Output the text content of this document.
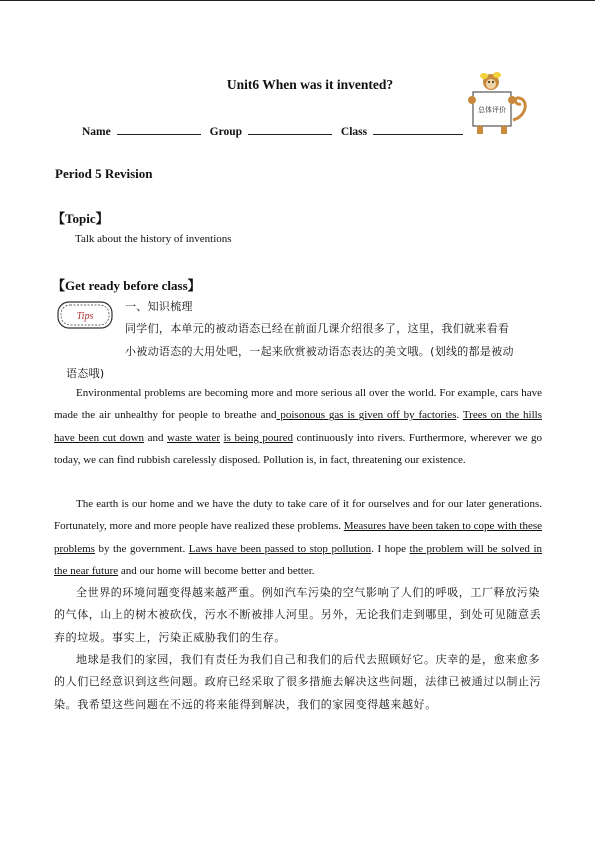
Unit6 When was it invented?
总体评价
Name	Group	Class
Period 5 Revision
【Topic】
Talk about the history of inventions
【Get ready before class】
Tips
一、知识梳理
同学们，本单元的被动语态已经在前面几课介绍很多了，这里，我们就来看看
小被动语态的大用处吧，一起来欣赏被动语态表达的美文哦。(划线的都是被动
语态哦)
Environmental problems are becoming more and more serious all over the world. For example, cars have made the air unhealthy for people to breathe and poisonous gas is given off by factories. Trees on the hills have been cut down and waste water is being poured continuously into rivers. Furthermore, wherever we go today, we can find rubbish carelessly disposed. Pollution is, in fact, threatening our existence.
The earth is our home and we have the duty to take care of it for ourselves and for our later generations. Fortunately, more and more people have realized these problems. Measures have been taken to cope with these problems by the government. Laws have been passed to stop pollution. I hope the problem will be solved in the near future and our home will become better and better.
全世界的环境问题变得越来越严重。例如汽车污染的空气影响了人们的呼吸，工厂释放污染的气体，山上的树木被砍伐，污水不断被排人河里。另外，无论我们走到哪里，到处可见随意丢弃的垃圾。事实上，污染正威胁我们的生存。
地球是我们的家园，我们有责任为我们自己和我们的后代去照顾好它。庆幸的是，愈来愈多的人们已经意识到这些问题。政府已经采取了很多措施去解决这些问题，法律已被通过以制止污染。我希望这些问题在不远的将来能得到解决，我们的家园变得越来越好。
